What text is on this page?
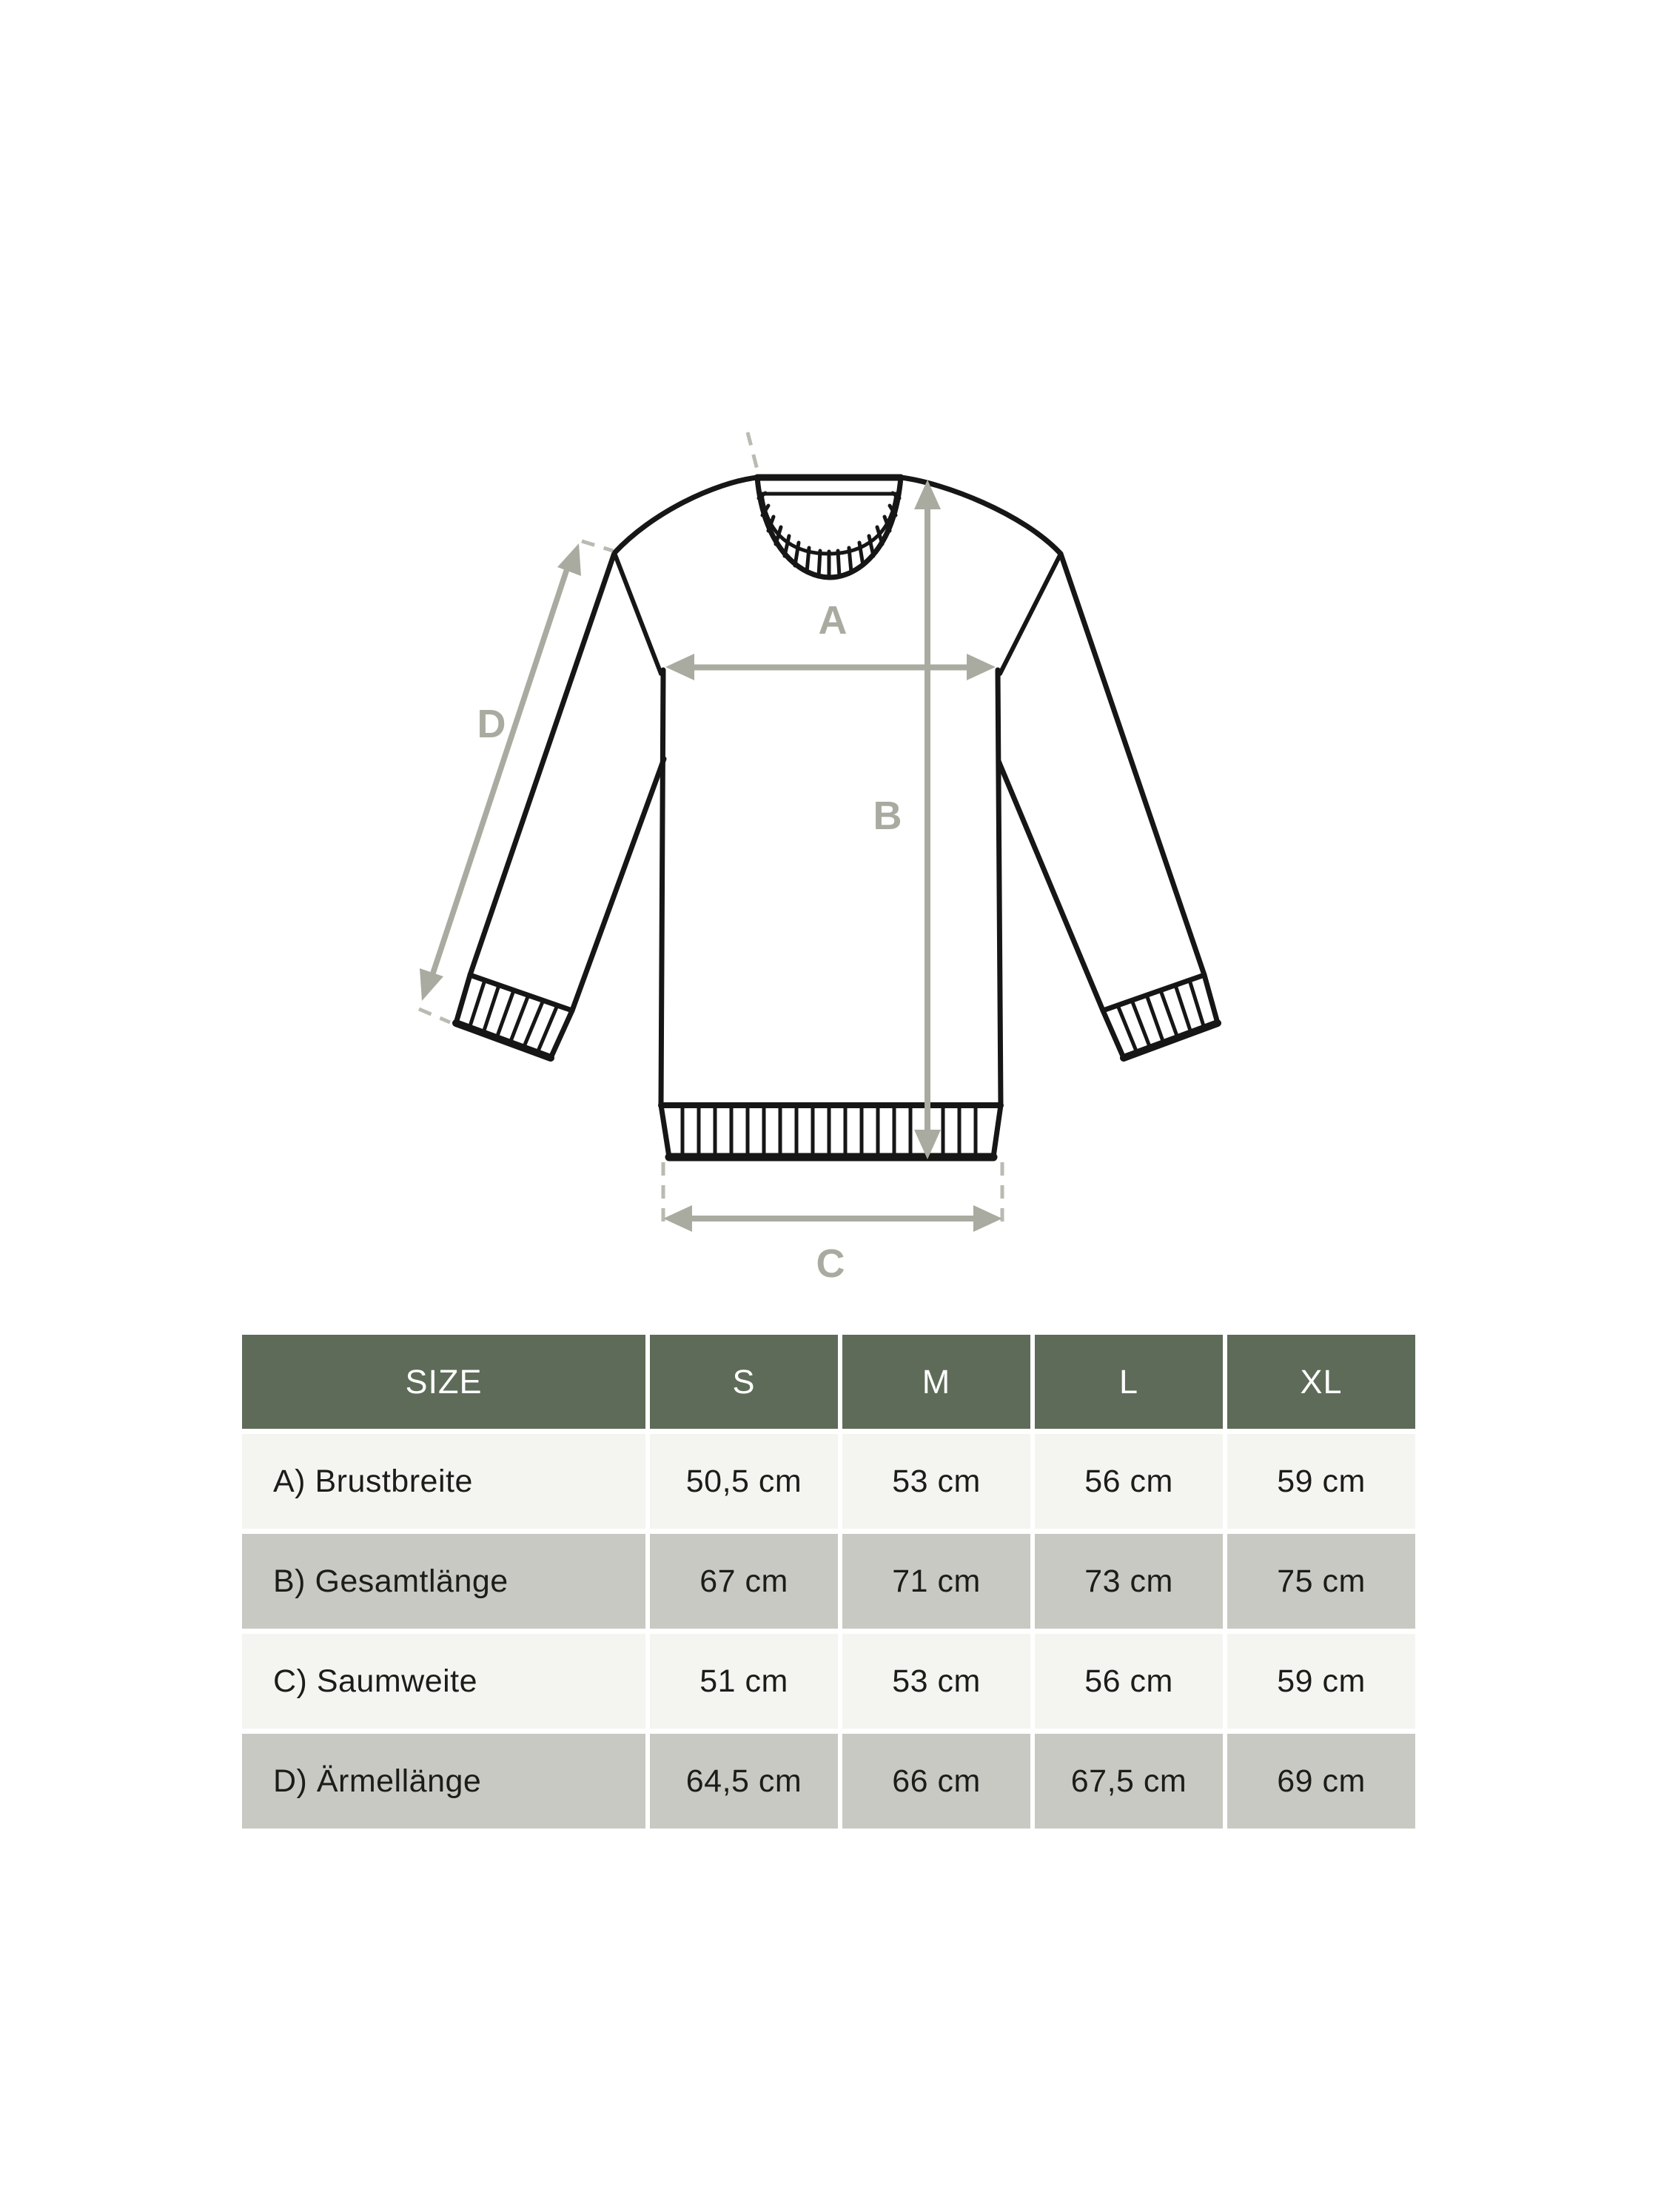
A
B
C
D
SIZE	S	M	L	XL
A) Brustbreite	50,5 cm	53 cm	56 cm	59 cm
B) Gesamtlänge	67 cm	71 cm	73 cm	75 cm
C) Saumweite	51 cm	53 cm	56 cm	59 cm
D) Ärmellänge	64,5 cm	66 cm	67,5 cm	69 cm
